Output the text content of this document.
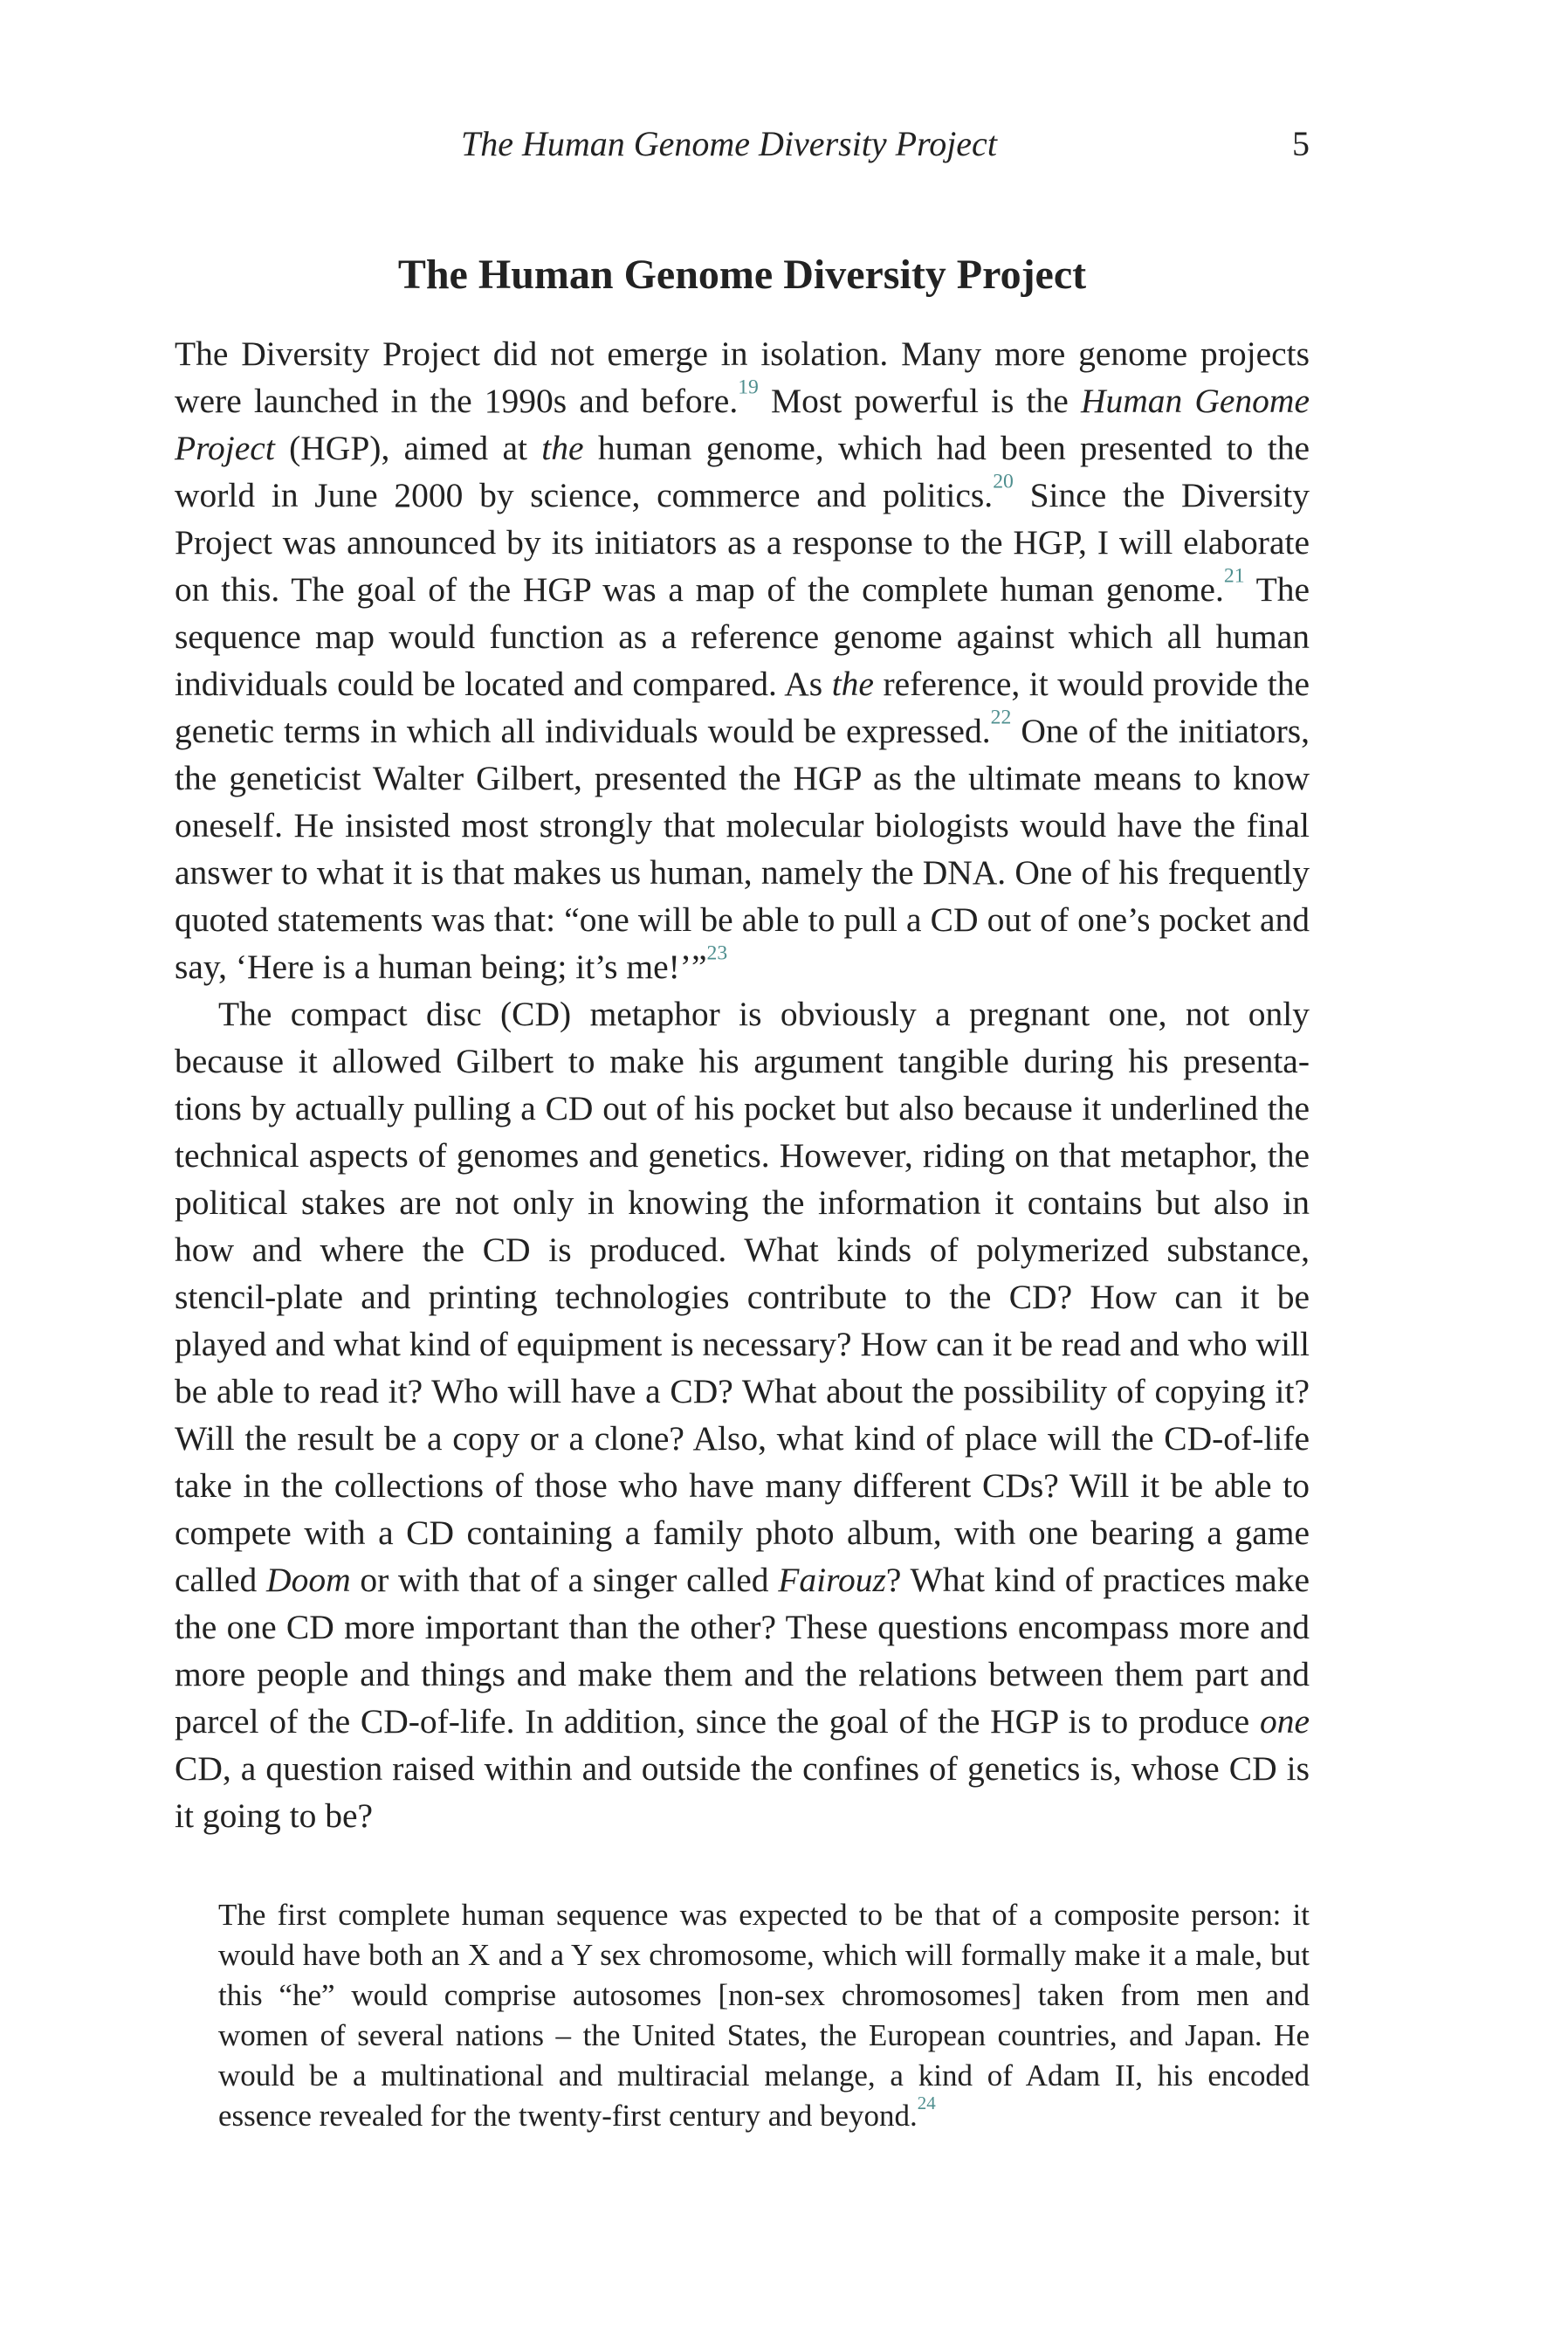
The Human Genome Diversity Project	5
The Human Genome Diversity Project

The Diversity Project did not emerge in isolation. Many more genome projects were launched in the 1990s and before.$^{19}$ Most powerful is the Human Genome Project (HGP), aimed at the human genome, which had been presented to the world in June 2000 by science, commerce and politics.$^{20}$ Since the Diversity Project was announced by its initiators as a response to the HGP, I will elaborate on this. The goal of the HGP was a map of the complete human genome.$^{21}$ The sequence map would function as a reference genome against which all human individuals could be located and compared. As the reference, it would provide the genetic terms in which all individuals would be expressed.$^{22}$ One of the initiators, the geneticist Walter Gilbert, presented the HGP as the ultimate means to know oneself. He insisted most strongly that molecular biologists would have the final answer to what it is that makes us human, namely the DNA. One of his frequently quoted statements was that: “one will be able to pull a CD out of one’s pocket and say, ‘Here is a human being; it’s me!’”$^{23}$

The compact disc (CD) metaphor is obviously a pregnant one, not only because it allowed Gilbert to make his argument tangible during his presenta-tions by actually pulling a CD out of his pocket but also because it underlined the technical aspects of genomes and genetics. However, riding on that metaphor, the political stakes are not only in knowing the information it contains but also in how and where the CD is produced. What kinds of polymerized substance, stencil-plate and printing technologies contribute to the CD? How can it be played and what kind of equipment is necessary? How can it be read and who will be able to read it? Who will have a CD? What about the possibility of copying it? Will the result be a copy or a clone? Also, what kind of place will the CD-of-life take in the collections of those who have many different CDs? Will it be able to compete with a CD containing a family photo album, with one bearing a game called Doom or with that of a singer called Fairouz? What kind of practices make the one CD more important than the other? These questions encompass more and more people and things and make them and the relations between them part and parcel of the CD-of-life. In addition, since the goal of the HGP is to produce one CD, a question raised within and outside the confines of genetics is, whose CD is it going to be?

The first complete human sequence was expected to be that of a composite person: it would have both an X and a Y sex chromosome, which will formally make it a male, but this “he” would comprise autosomes [non-sex chromosomes] taken from men and women of several nations – the United States, the European countries, and Japan. He would be a multinational and multiracial melange, a kind of Adam II, his encoded essence revealed for the twenty-first century and beyond.$^{24}$
